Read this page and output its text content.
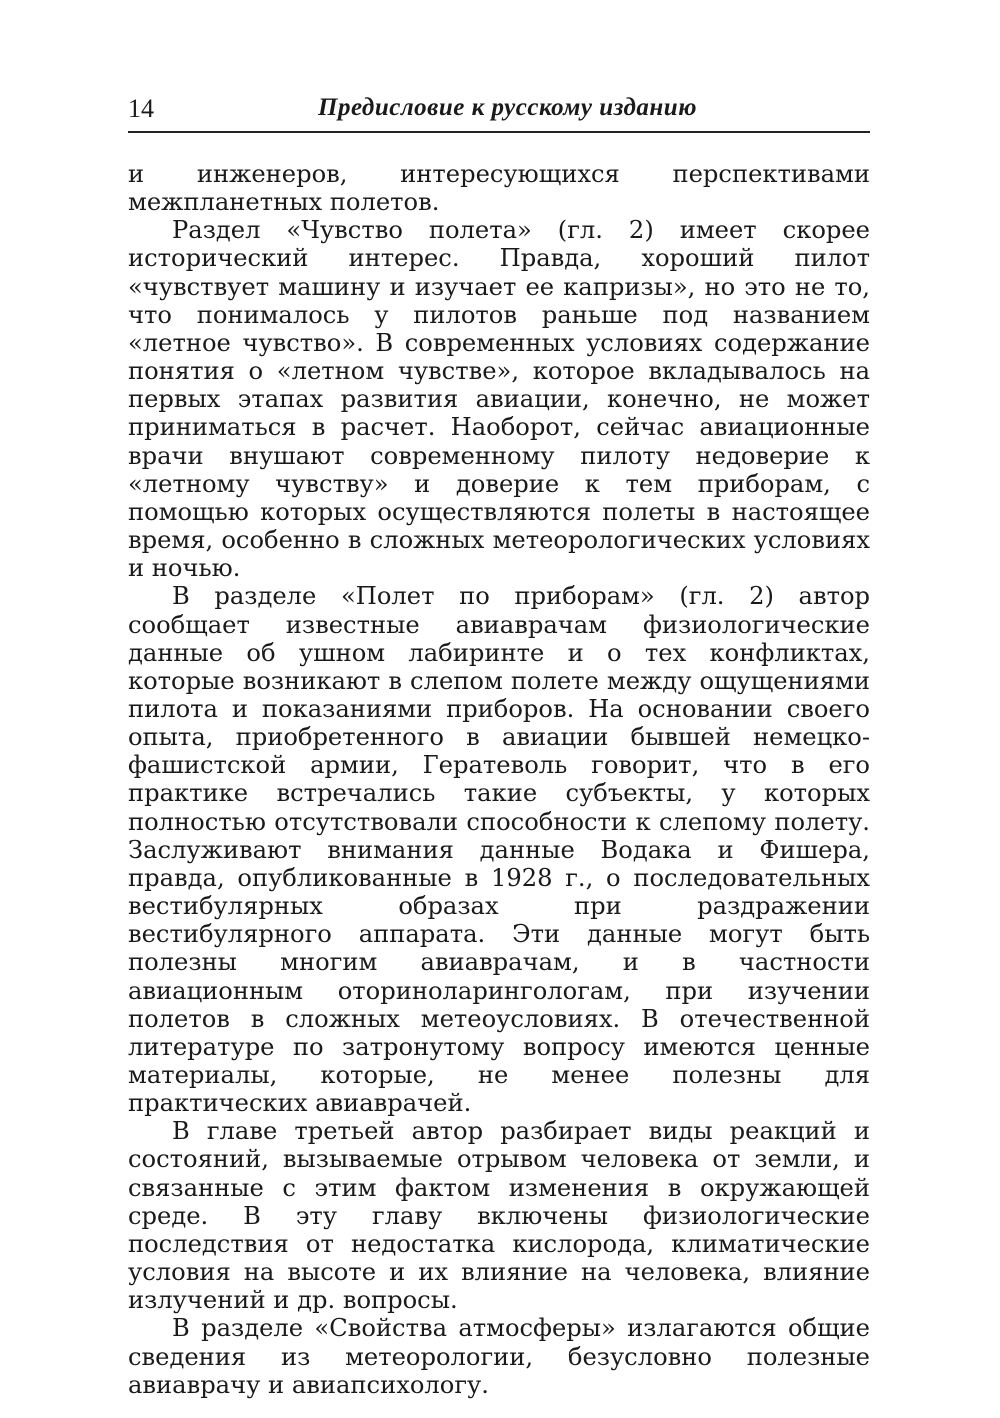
14	Предисловие к русскому изданию

и инженеров, интересующихся перспективами межпланетных полетов.

Раздел «Чувство полета» (гл. 2) имеет скорее исторический интерес. Правда, хороший пилот «чувствует машину и изучает ее капризы», но это не то, что понималось у пилотов раньше под названием «летное чувство». В современных условиях содержание понятия о «летном чувстве», которое вкладывалось на первых этапах развития авиации, конечно, не может приниматься в расчет. Наоборот, сейчас авиационные врачи внушают современному пилоту недоверие к «летному чувству» и доверие к тем приборам, с помощью которых осуществляются полеты в настоящее время, особенно в сложных метеорологических условиях и ночью.

В разделе «Полет по приборам» (гл. 2) автор сообщает известные авиаврачам физиологические данные об ушном лабиринте и о тех конфликтах, которые возникают в слепом полете между ощущениями пилота и показаниями приборов. На основании своего опыта, приобретенного в авиации бывшей немецко-фашистской армии, Гератеволь говорит, что в его практике встречались такие субъекты, у которых полностью отсутствовали способности к слепому полету. Заслуживают внимания данные Водака и Фишера, правда, опубликованные в 1928 г., о последовательных вестибулярных образах при раздражении вестибулярного аппарата. Эти данные могут быть полезны многим авиаврачам, и в частности авиационным оториноларингологам, при изучении полетов в сложных метеоусловиях. В отечественной литературе по затронутому вопросу имеются ценные материалы, которые, не менее полезны для практических авиаврачей.

В главе третьей автор разбирает виды реакций и состояний, вызываемые отрывом человека от земли, и связанные с этим фактом изменения в окружающей среде. В эту главу включены физиологические последствия от недостатка кислорода, климатические условия на высоте и их влияние на человека, влияние излучений и др. вопросы.

В разделе «Свойства атмосферы» излагаются общие сведения из метеорологии, безусловно полезные авиаврачу и авиапсихологу.
